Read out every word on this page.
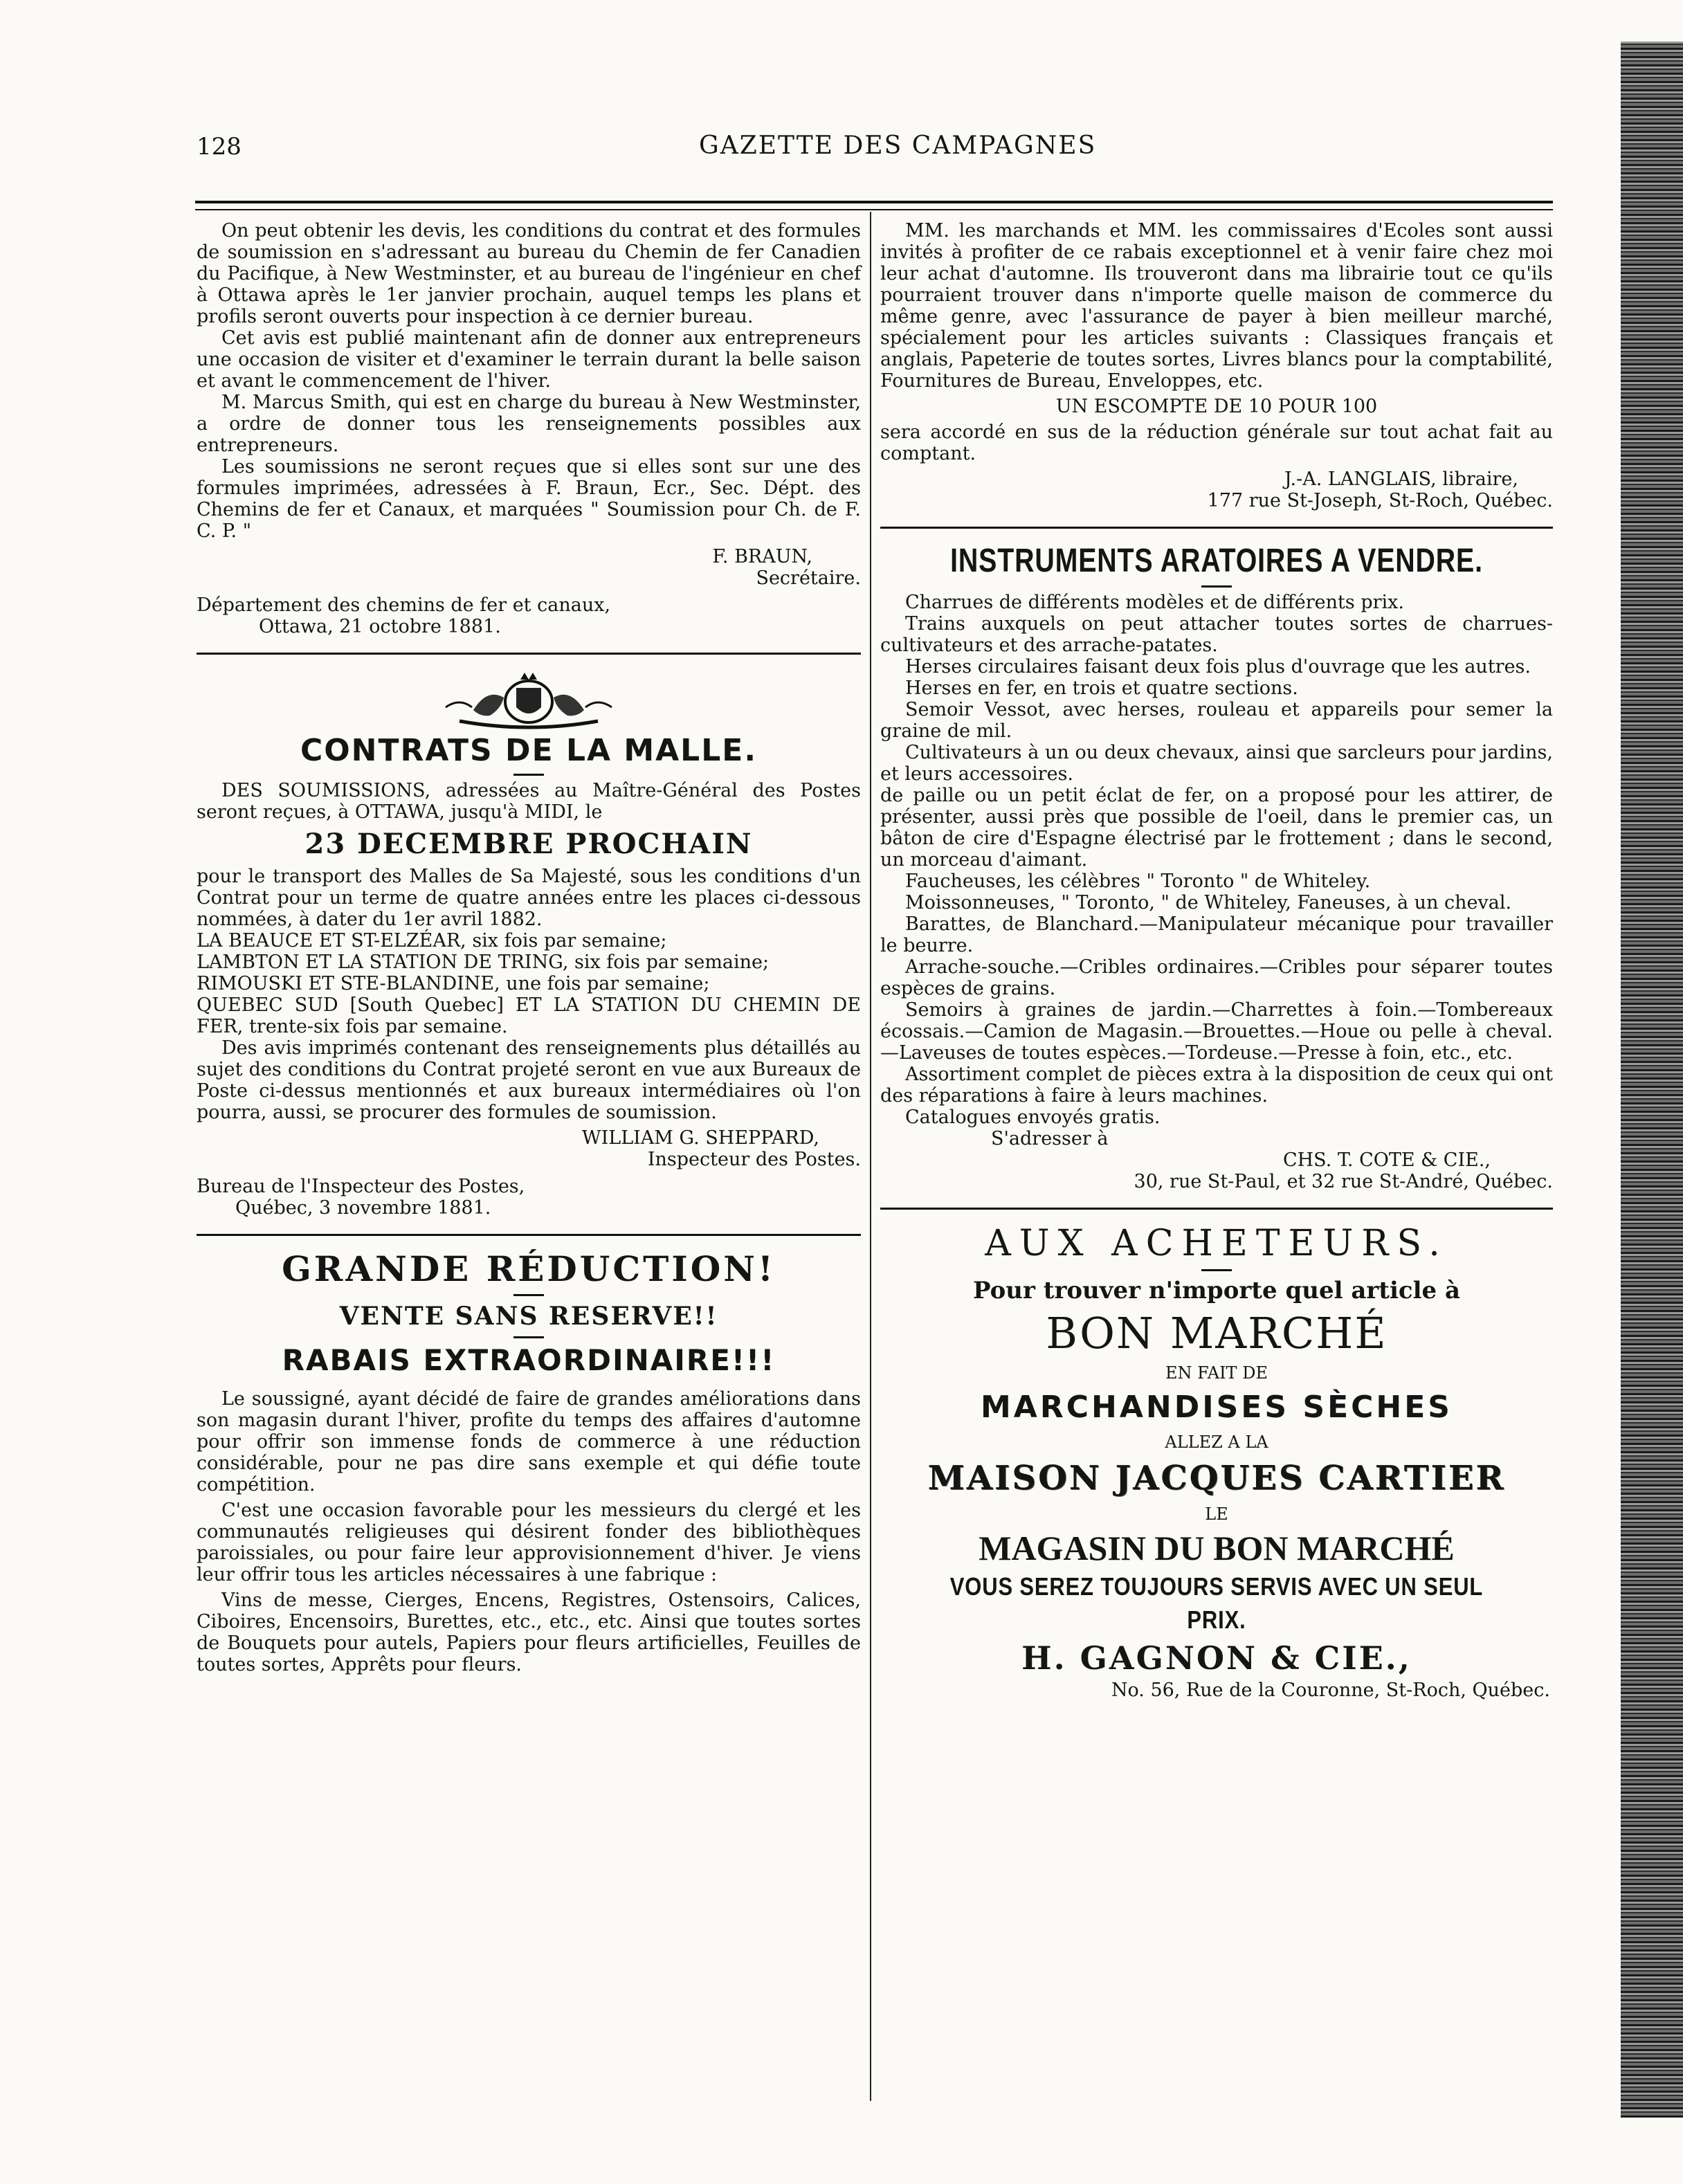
128	GAZETTE DES CAMPAGNES

On peut obtenir les devis, les conditions du contrat et des formules de soumission en s'adressant au bureau du Chemin de fer Canadien du Pacifique, à New Westminster, et au bureau de l'ingénieur en chef à Ottawa après le 1er janvier prochain, auquel temps les plans et profils seront ouverts pour inspection à ce dernier bureau.

Cet avis est publié maintenant afin de donner aux entrepreneurs une occasion de visiter et d'examiner le terrain durant la belle saison et avant le commencement de l'hiver.

M. Marcus Smith, qui est en charge du bureau à New Westminster, a ordre de donner tous les renseignements possibles aux entrepreneurs.

Les soumissions ne seront reçues que si elles sont sur une des formules imprimées, adressées à F. Braun, Ecr., Sec. Dépt. des Chemins de fer et Canaux, et marquées " Soumission pour Ch. de F. C. P. "

F. BRAUN,

Secrétaire.

Département des chemins de fer et canaux,

Ottawa, 21 octobre 1881.

CONTRATS DE LA MALLE.

DES SOUMISSIONS, adressées au Maître-Général des Postes seront reçues, à OTTAWA, jusqu'à MIDI, le

23 DECEMBRE PROCHAIN

pour le transport des Malles de Sa Majesté, sous les conditions d'un Contrat pour un terme de quatre années entre les places ci-dessous nommées, à dater du 1er avril 1882.

LA BEAUCE ET ST-ELZÉAR, six fois par semaine;

LAMBTON ET LA STATION DE TRING, six fois par semaine;

RIMOUSKI ET STE-BLANDINE, une fois par semaine;

QUEBEC SUD [South Quebec] ET LA STATION DU CHEMIN DE FER, trente-six fois par semaine.

Des avis imprimés contenant des renseignements plus détaillés au sujet des conditions du Contrat projeté seront en vue aux Bureaux de Poste ci-dessus mentionnés et aux bureaux intermédiaires où l'on pourra, aussi, se procurer des formules de soumission.

WILLIAM G. SHEPPARD,

Inspecteur des Postes.

Bureau de l'Inspecteur des Postes,

Québec, 3 novembre 1881.

GRANDE RÉDUCTION!
VENTE SANS RESERVE!!
RABAIS EXTRAORDINAIRE!!!

Le soussigné, ayant décidé de faire de grandes améliorations dans son magasin durant l'hiver, profite du temps des affaires d'automne pour offrir son immense fonds de commerce à une réduction considérable, pour ne pas dire sans exemple et qui défie toute compétition.

C'est une occasion favorable pour les messieurs du clergé et les communautés religieuses qui désirent fonder des bibliothèques paroissiales, ou pour faire leur approvisionnement d'hiver. Je viens leur offrir tous les articles nécessaires à une fabrique :

Vins de messe, Cierges, Encens, Registres, Ostensoirs, Calices, Ciboires, Encensoirs, Burettes, etc., etc., etc. Ainsi que toutes sortes de Bouquets pour autels, Papiers pour fleurs artificielles, Feuilles de toutes sortes, Apprêts pour fleurs.

MM. les marchands et MM. les commissaires d'Ecoles sont aussi invités à profiter de ce rabais exceptionnel et à venir faire chez moi leur achat d'automne. Ils trouveront dans ma librairie tout ce qu'ils pourraient trouver dans n'importe quelle maison de commerce du même genre, avec l'assurance de payer à bien meilleur marché, spécialement pour les articles suivants : Classiques français et anglais, Papeterie de toutes sortes, Livres blancs pour la comptabilité, Fournitures de Bureau, Enveloppes, etc.

UN ESCOMPTE DE 10 POUR 100

sera accordé en sus de la réduction générale sur tout achat fait au comptant.

J.-A. LANGLAIS, libraire,

177 rue St-Joseph, St-Roch, Québec.

INSTRUMENTS ARATOIRES A VENDRE.

Charrues de différents modèles et de différents prix.

Trains auxquels on peut attacher toutes sortes de charrues-cultivateurs et des arrache-patates.

Herses circulaires faisant deux fois plus d'ouvrage que les autres.

Herses en fer, en trois et quatre sections.

Semoir Vessot, avec herses, rouleau et appareils pour semer la graine de mil.

Cultivateurs à un ou deux chevaux, ainsi que sarcleurs pour jardins, et leurs accessoires.

de paille ou un petit éclat de fer, on a proposé pour les attirer, de présenter, aussi près que possible de l'oeil, dans le premier cas, un bâton de cire d'Espagne électrisé par le frottement ; dans le second, un morceau d'aimant.

Faucheuses, les célèbres " Toronto " de Whiteley.

Moissonneuses, " Toronto, " de Whiteley, Faneuses, à un cheval.

Barattes, de Blanchard.—Manipulateur mécanique pour travailler le beurre.

Arrache-souche.—Cribles ordinaires.—Cribles pour séparer toutes espèces de grains.

Semoirs à graines de jardin.—Charrettes à foin.—Tombereaux écossais.—Camion de Magasin.—Brouettes.—Houe ou pelle à cheval.—Laveuses de toutes espèces.—Tordeuse.—Presse à foin, etc., etc.

Assortiment complet de pièces extra à la disposition de ceux qui ont des réparations à faire à leurs machines.

Catalogues envoyés gratis.

S'adresser à

CHS. T. COTE & CIE.,

30, rue St-Paul, et 32 rue St-André, Québec.

AUX ACHETEURS.
Pour trouver n'importe quel article à
BON MARCHÉ
EN FAIT DE
MARCHANDISES SÈCHES
ALLEZ A LA
MAISON JACQUES CARTIER
LE
MAGASIN DU BON MARCHÉ
VOUS SEREZ TOUJOURS SERVIS AVEC UN SEUL PRIX.
H. GAGNON & CIE.,

No. 56, Rue de la Couronne, St-Roch, Québec.
